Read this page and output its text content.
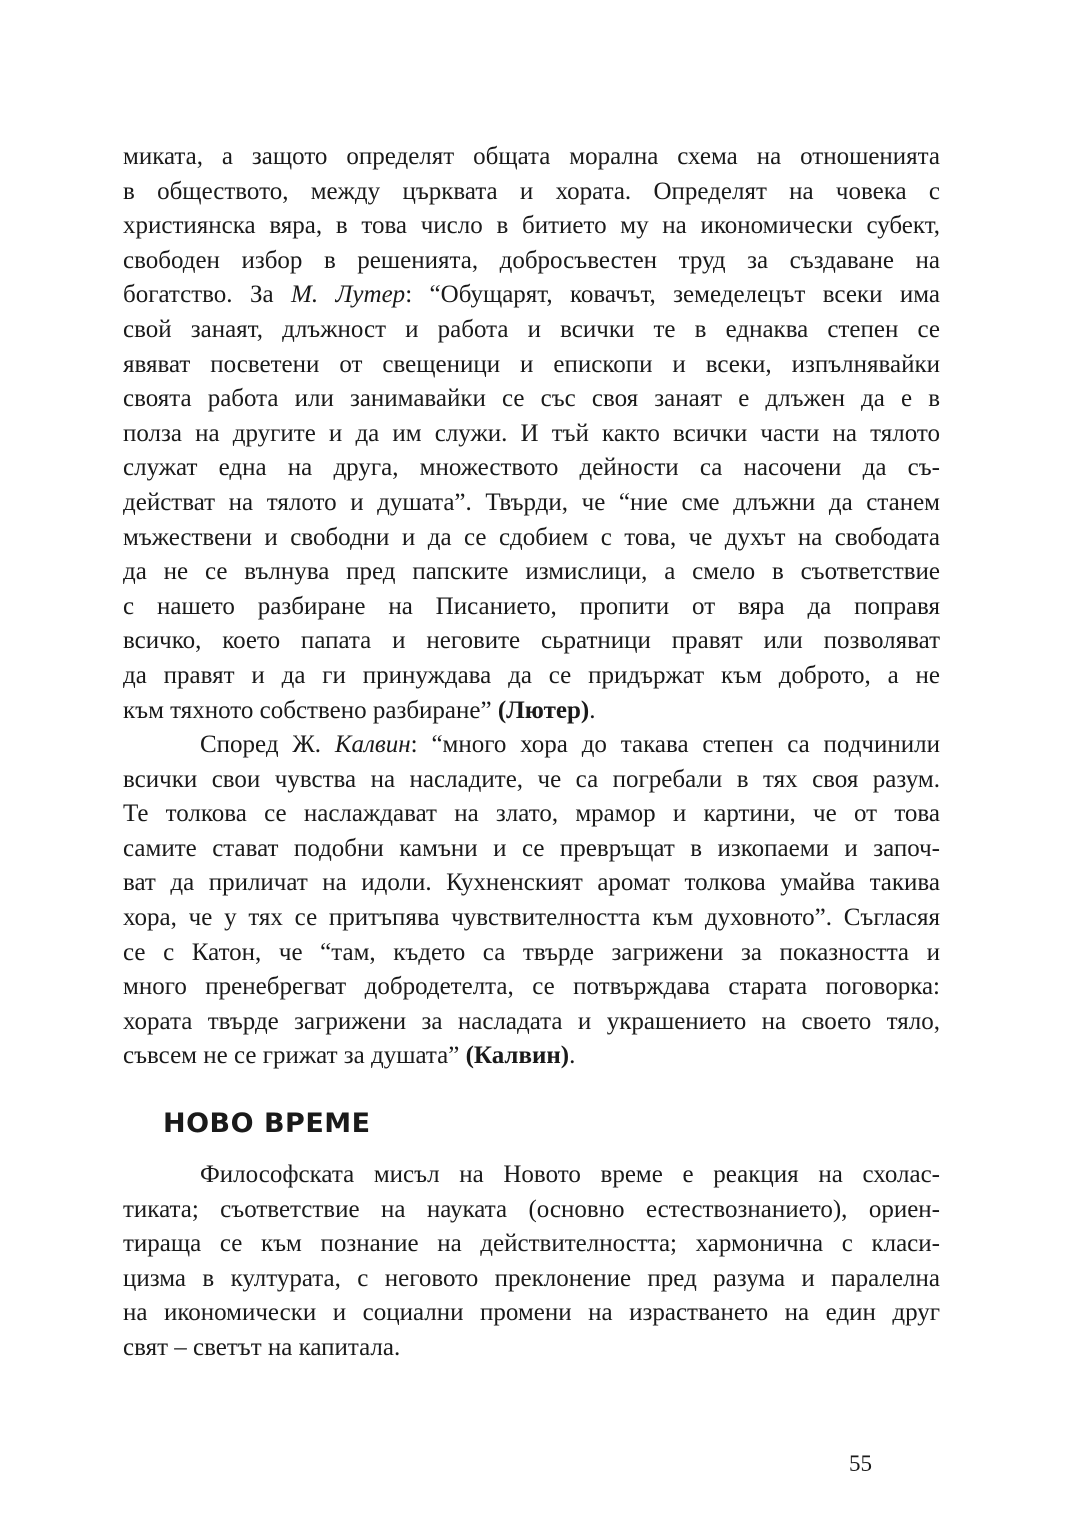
миката, а защото определят общата морална схема на отношенията
в обществото, между църквата и хората. Определят на човека с
християнска вяра, в това число в битието му на икономически субект,
свободен избор в решенията, добросъвестен труд за създаване на
богатство. За М. Лутер: “Обущарят, ковачът, земеделецът всеки има
свой занаят, длъжност и работа и всички те в еднаква степен се
явяват посветени от свещеници и епископи и всеки, изпълнявайки
своята работа или занимавайки се със своя занаят е длъжен да е в
полза на другите и да им служи. И тъй както всички части на тялото
служат една на друга, множеството дейности са насочени да съ-
действат на тялото и душата”. Твърди, че “ние сме длъжни да станем
мъжествени и свободни и да се сдобием с това, че духът на свободата
да не се вълнува пред папските измислици, а смело в съответствие
с нашето разбиране на Писанието, пропити от вяра да поправя
всичко, което папата и неговите сьратници правят или позволяват
да правят и да ги принуждава да се придържат към доброто, а не
към тяхното собствено разбиране” (Лютер).

Според Ж. Калвин: “много хора до такава степен са подчинили
всички свои чувства на насладите, че са погребали в тях своя разум.
Те толкова се наслаждават на злато, мрамор и картини, че от това
самите стават подобни камъни и се превръщат в изкопаеми и започ-
ват да приличат на идоли. Кухненският аромат толкова умайва такива
хора, че у тях се притъпява чувствителността към духовното”. Съгласяя
се с Катон, че “там, където са твърде загрижени за показността и
много пренебрегват добродетелта, се потвърждава старата поговорка:
хората твърде загрижени за насладата и украшението на своето тяло,
съвсем не се грижат за душата” (Калвин).

НОВО ВРЕМЕ

Философската мисъл на Новото време е реакция на схолас-
тиката; съответствие на науката (основно естествознанието), ориен-
тираща се към познание на действителността; хармонична с класи-
цизма в културата, с неговото преклонение пред разума и паралелна
на икономически и социални промени на израстването на един друг
свят – светът на капитала.

55
